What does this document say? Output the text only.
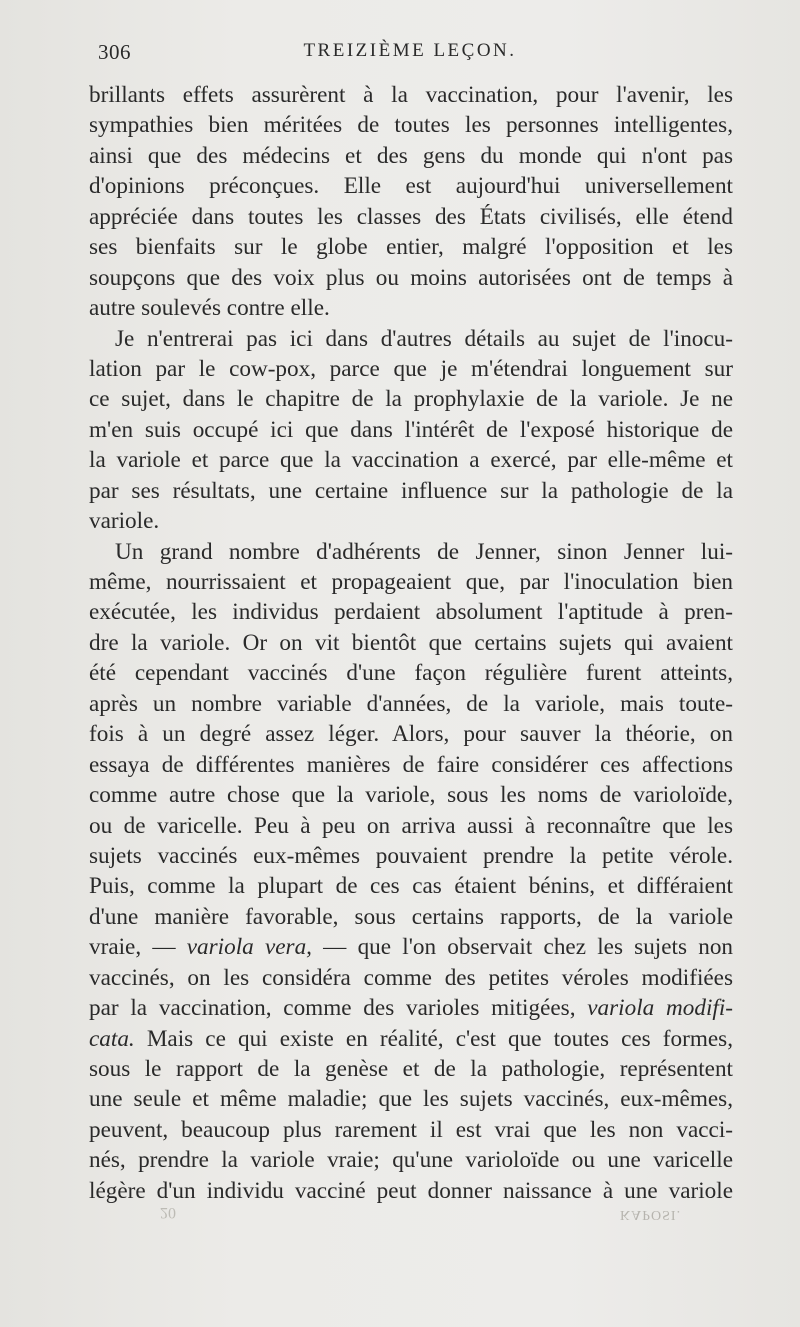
306	TREIZIÈME LEÇON.
brillants effets assurèrent à la vaccination, pour l'avenir, les
sympathies bien méritées de toutes les personnes intelligentes,
ainsi que des médecins et des gens du monde qui n'ont pas
d'opinions préconçues. Elle est aujourd'hui universellement
appréciée dans toutes les classes des États civilisés, elle étend
ses bienfaits sur le globe entier, malgré l'opposition et les
soupçons que des voix plus ou moins autorisées ont de temps à
autre soulevés contre elle.
Je n'entrerai pas ici dans d'autres détails au sujet de l'inocu-
lation par le cow-pox, parce que je m'étendrai longuement sur
ce sujet, dans le chapitre de la prophylaxie de la variole. Je ne
m'en suis occupé ici que dans l'intérêt de l'exposé historique de
la variole et parce que la vaccination a exercé, par elle-même et
par ses résultats, une certaine influence sur la pathologie de la
variole.
Un grand nombre d'adhérents de Jenner, sinon Jenner lui-
même, nourrissaient et propageaient que, par l'inoculation bien
exécutée, les individus perdaient absolument l'aptitude à pren-
dre la variole. Or on vit bientôt que certains sujets qui avaient
été cependant vaccinés d'une façon régulière furent atteints,
après un nombre variable d'années, de la variole, mais toute-
fois à un degré assez léger. Alors, pour sauver la théorie, on
essaya de différentes manières de faire considérer ces affections
comme autre chose que la variole, sous les noms de varioloïde,
ou de varicelle. Peu à peu on arriva aussi à reconnaître que les
sujets vaccinés eux-mêmes pouvaient prendre la petite vérole.
Puis, comme la plupart de ces cas étaient bénins, et différaient
d'une manière favorable, sous certains rapports, de la variole
vraie, — variola vera, — que l'on observait chez les sujets non
vaccinés, on les considéra comme des petites véroles modifiées
par la vaccination, comme des varioles mitigées, variola modifi-
cata. Mais ce qui existe en réalité, c'est que toutes ces formes,
sous le rapport de la genèse et de la pathologie, représentent
une seule et même maladie; que les sujets vaccinés, eux-mêmes,
peuvent, beaucoup plus rarement il est vrai que les non vacci-
nés, prendre la variole vraie; qu'une varioloïde ou une varicelle
légère d'un individu vacciné peut donner naissance à une variole
20	KAPOSI.
